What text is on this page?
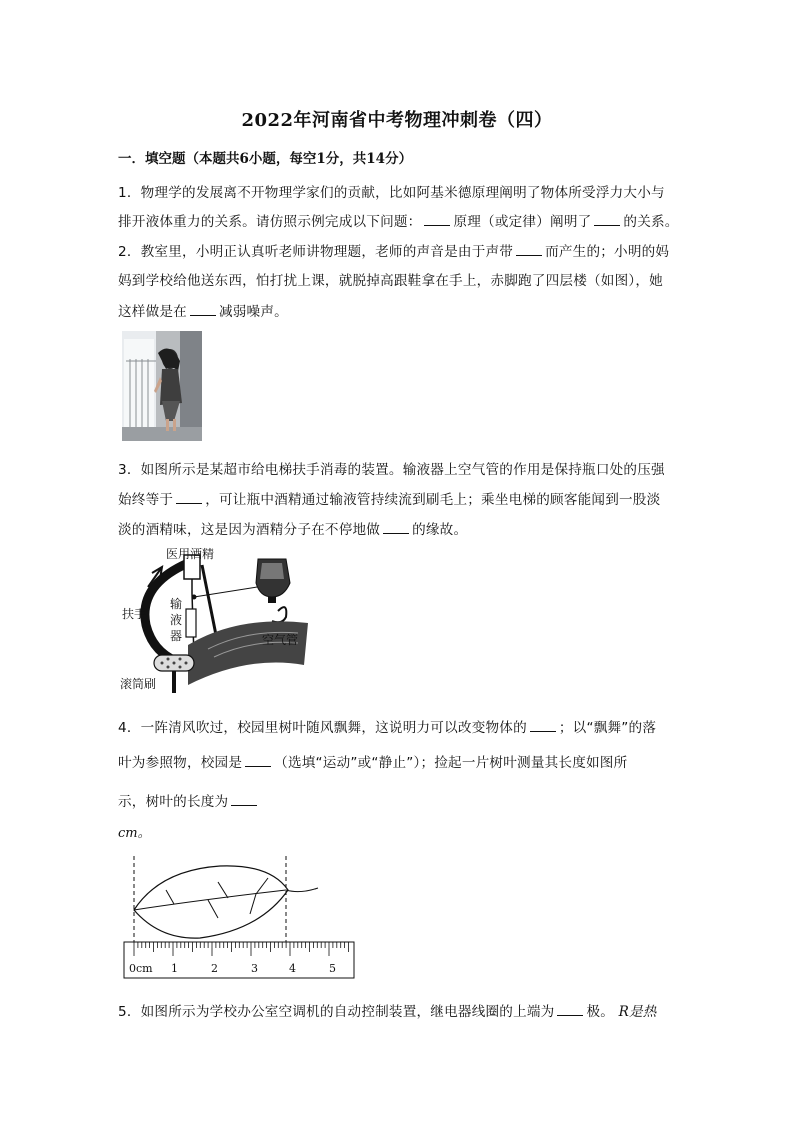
2022年河南省中考物理冲刺卷（四）
一．填空题（本题共6小题，每空1分，共14分）
1．物理学的发展离不开物理学家们的贡献，比如阿基米德原理阐明了物体所受浮力大小与
排开液体重力的关系。请仿照示例完成以下问题： 原理（或定律）阐明了 的关系。
2．教室里，小明正认真听老师讲物理题，老师的声音是由于声带 而产生的；小明的妈
妈到学校给他送东西，怕打扰上课，就脱掉高跟鞋拿在手上，赤脚跑了四层楼（如图），她
这样做是在 减弱噪声。
3．如图所示是某超市给电梯扶手消毒的装置。输液器上空气管的作用是保持瓶口处的压强
始终等于 ，可让瓶中酒精通过输液管持续流到刷毛上；乘坐电梯的顾客能闻到一股淡
淡的酒精味，这是因为酒精分子在不停地做 的缘故。
医用酒精
扶手
输
液
器	空气管
滚筒刷
4．一阵清风吹过，校园里树叶随风飘舞，这说明力可以改变物体的 ；以“飘舞”的落
叶为参照物，校园是 （选填“运动”或“静止”）；捡起一片树叶测量其长度如图所
示，树叶的长度为
cm。
0cm 1	2	3	4	5
5．如图所示为学校办公室空调机的自动控制装置，继电器线圈的上端为 极。 R是热
